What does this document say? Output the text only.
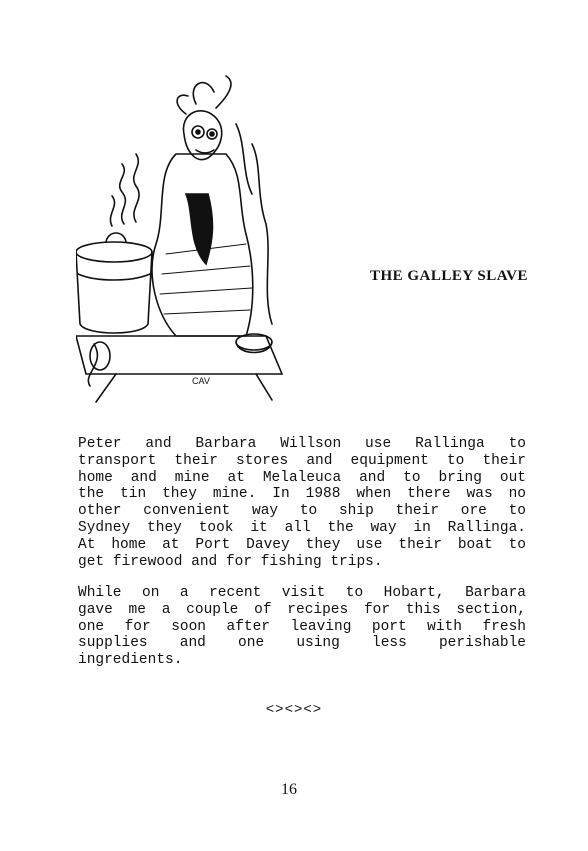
CAV
THE GALLEY SLAVE

Peter and Barbara Willson use Rallinga to
transport their stores and equipment to their
home and mine at Melaleuca and to bring out
the tin they mine. In 1988 when there was no
other convenient way to ship their ore to
Sydney they took it all the way in Rallinga.
At home at Port Davey they use their boat to
get firewood and for fishing trips.

While on a recent visit to Hobart, Barbara
gave me a couple of recipes for this section,
one for soon after leaving port with fresh
supplies and one using less perishable
ingredients.

<><><>
16
